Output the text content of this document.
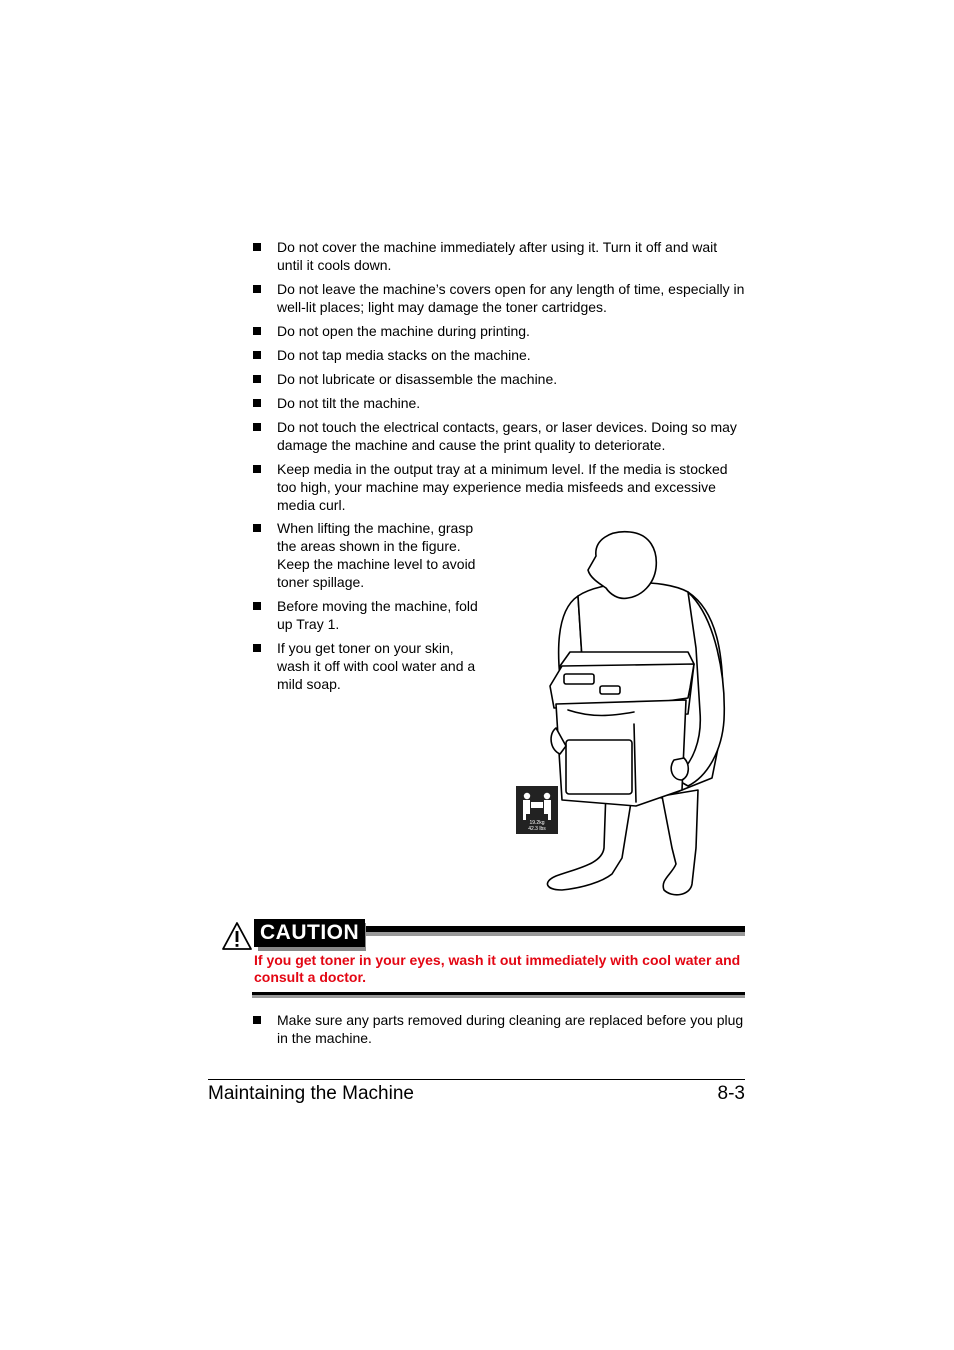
Do not cover the machine immediately after using it. Turn it off and wait until it cools down.
Do not leave the machine’s covers open for any length of time, especially in well-lit places; light may damage the toner cartridges.
Do not open the machine during printing.
Do not tap media stacks on the machine.
Do not lubricate or disassemble the machine.
Do not tilt the machine.
Do not touch the electrical contacts, gears, or laser devices. Doing so may damage the machine and cause the print quality to deteriorate.
Keep media in the output tray at a minimum level. If the media is stocked too high, your machine may experience media misfeeds and excessive media curl.
When lifting the machine, grasp the areas shown in the figure. Keep the machine level to avoid toner spillage.
Before moving the machine, fold up Tray 1.
If you get toner on your skin, wash it off with cool water and a mild soap.
19.2kg
42.3 lbs
CAUTION
If you get toner in your eyes, wash it out immediately with cool water and consult a doctor.
Make sure any parts removed during cleaning are replaced before you plug in the machine.
Maintaining the Machine	8-3
